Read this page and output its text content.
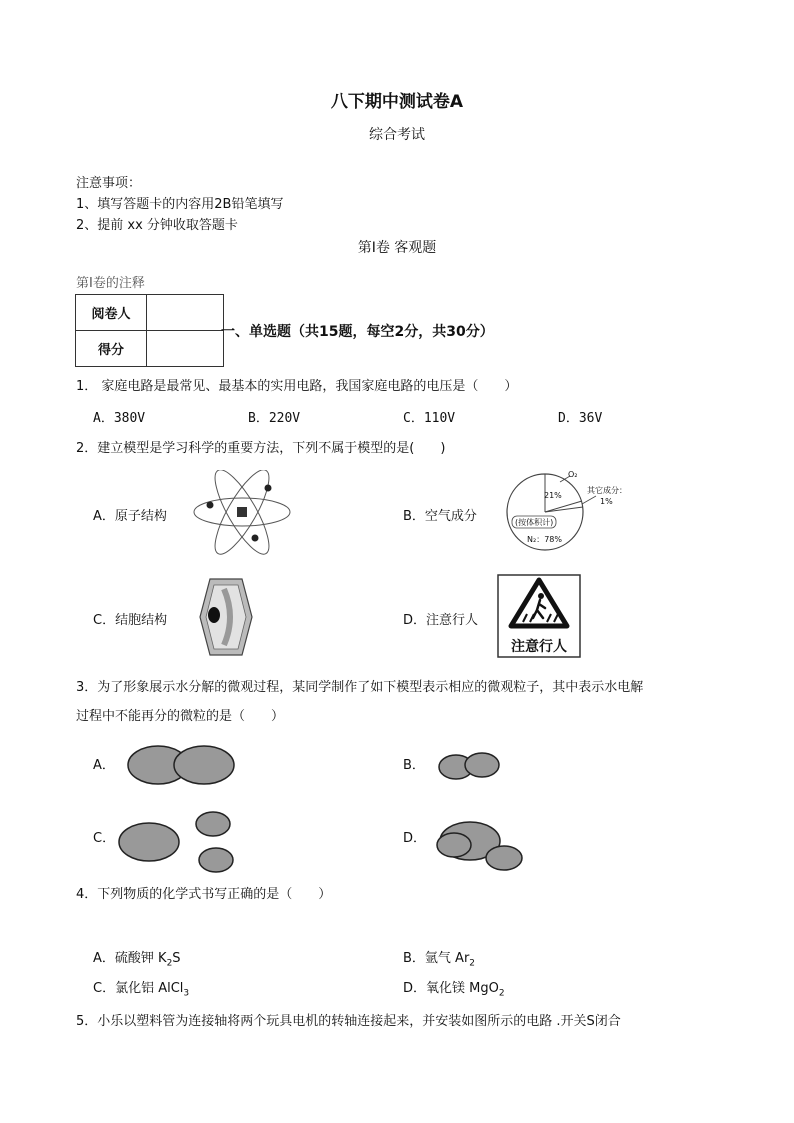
八下期中测试卷A
综合考试
注意事项：
1、填写答题卡的内容用2B铅笔填写
2、提前 xx 分钟收取答题卡
第Ⅰ卷 客观题
第Ⅰ卷的注释
阅卷人	
得分	
一、单选题（共15题，每空2分，共30分）
1． 家庭电路是最常见、最基本的实用电路，我国家庭电路的电压是（　　）
A．380V	B．220V	C．110V	D．36V
2．建立模型是学习科学的重要方法，下列不属于模型的是(　　)
A．原子结构	B．空气成分
O₂
21%
其它成分：
1%
(按体积计)
N₂：78%
C．结胞结构	D．注意行人
注意行人
3．为了形象展示水分解的微观过程，某同学制作了如下模型表示相应的微观粒子，其中表示水电解
过程中不能再分的微粒的是（　　）
A．	B．
C．	D．
4．下列物质的化学式书写正确的是（　　）
A．硫酸钾 $K_2S$	B．氩气 $Ar_2$
C．氯化铝 AlCl$_3$	D．氧化镁 MgO$_2$
5．小乐以塑料管为连接轴将两个玩具电机的转轴连接起来，并安装如图所示的电路 .开关S闭合
